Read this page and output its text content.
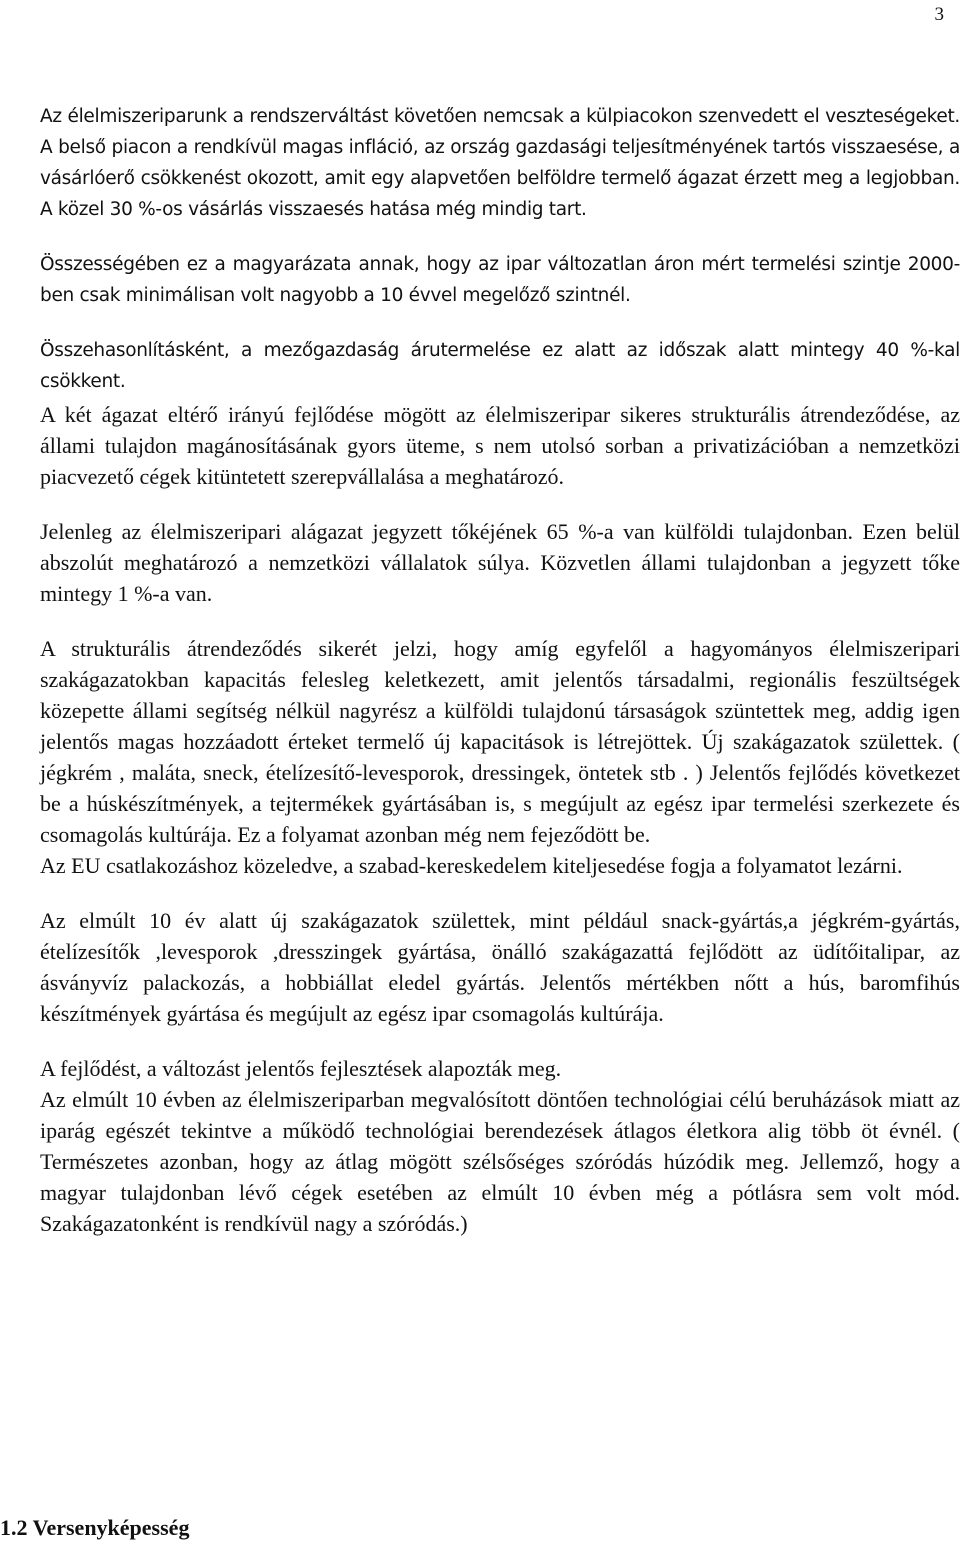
3

Az élelmiszeriparunk a rendszerváltást követően nemcsak a külpiacokon szenvedett el veszteségeket. A belső piacon a rendkívül magas infláció, az ország gazdasági teljesítményének tartós visszaesése, a vásárlóerő csökkenést okozott, amit egy alapvetően belföldre termelő ágazat érzett meg a legjobban. A közel 30 %-os vásárlás visszaesés hatása még mindig tart.

Összességében ez a magyarázata annak, hogy az ipar változatlan áron mért termelési szintje 2000-ben csak minimálisan volt nagyobb a 10 évvel megelőző szintnél.

Összehasonlításként, a mezőgazdaság árutermelése ez alatt az időszak alatt mintegy 40 %-kal csökkent.

A két ágazat eltérő irányú fejlődése mögött az élelmiszeripar sikeres strukturális átrendeződése, az állami tulajdon magánosításának gyors üteme, s nem utolsó sorban a privatizációban a nemzetközi piacvezető cégek kitüntetett szerepvállalása a meghatározó.

Jelenleg az élelmiszeripari alágazat jegyzett tőkéjének 65 %-a van külföldi tulajdonban. Ezen belül abszolút meghatározó a nemzetközi vállalatok súlya. Közvetlen állami tulajdonban a jegyzett tőke mintegy 1 %-a van.

A strukturális átrendeződés sikerét jelzi, hogy amíg egyfelől a hagyományos élelmiszeripari szakágazatokban kapacitás felesleg keletkezett, amit jelentős társadalmi, regionális feszültségek közepette állami segítség nélkül nagyrész a külföldi tulajdonú társaságok szüntettek meg, addig igen jelentős magas hozzáadott érteket termelő új kapacitások is létrejöttek. Új szakágazatok születtek. ( jégkrém , maláta, sneck, ételízesítő-levesporok, dressingek, öntetek stb . ) Jelentős fejlődés következet be a húskészítmények, a tejtermékek gyártásában is, s megújult az egész ipar termelési szerkezete és csomagolás kultúrája. Ez a folyamat azonban még nem fejeződött be.

Az EU csatlakozáshoz közeledve, a szabad-kereskedelem kiteljesedése fogja a folyamatot lezárni.

Az elmúlt 10 év alatt új szakágazatok születtek, mint például snack-gyártás,a jégkrém-gyártás, ételízesítők ,levesporok ,dresszingek gyártása, önálló szakágazattá fejlődött az üdítőitalipar, az ásványvíz palackozás, a hobbiállat eledel gyártás. Jelentős mértékben nőtt a hús, baromfihús készítmények gyártása és megújult az egész ipar csomagolás kultúrája.

A fejlődést, a változást jelentős fejlesztések alapozták meg.

Az elmúlt 10 évben az élelmiszeriparban megvalósított döntően technológiai célú beruházások miatt az iparág egészét tekintve a működő technológiai berendezések átlagos életkora alig több öt évnél. ( Természetes azonban, hogy az átlag mögött szélsőséges szóródás húzódik meg. Jellemző, hogy a magyar tulajdonban lévő cégek esetében az elmúlt 10 évben még a pótlásra sem volt mód. Szakágazatonként is rendkívül nagy a szóródás.)

1.2 Versenyképesség
